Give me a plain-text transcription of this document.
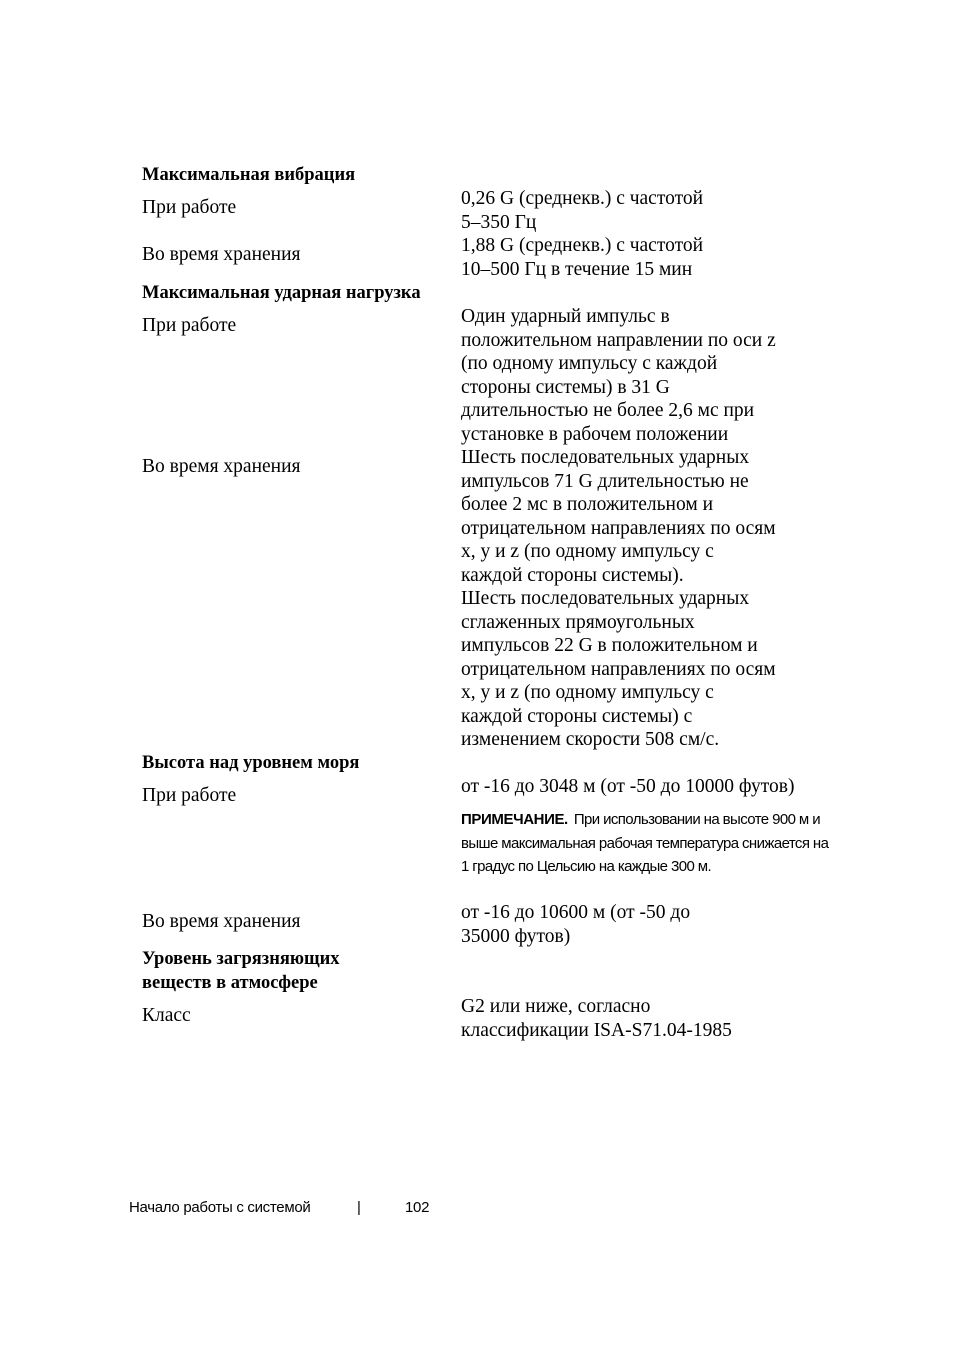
Максимальная вибрация
При работе	0,26 G (среднекв.) с частотой
5–350 Гц
Во время хранения	1,88 G (среднекв.) с частотой
10–500 Гц в течение 15 мин
Максимальная ударная нагрузка
При работе	Один ударный импульс в
положительном направлении по оси z
(по одному импульсу с каждой
стороны системы) в 31 G
длительностью не более 2,6 мс при
установке в рабочем положении
Во время хранения	Шесть последовательных ударных
импульсов 71 G длительностью не
более 2 мс в положительном и
отрицательном направлениях по осям
x, y и z (по одному импульсу с
каждой стороны системы).
Шесть последовательных ударных
сглаженных прямоугольных
импульсов 22 G в положительном и
отрицательном направлениях по осям
x, y и z (по одному импульсу с
каждой стороны системы) с
изменением скорости 508 см/с.
Высота над уровнем моря
При работе	от -16 до 3048 м (от -50 до 10000 футов)
ПРИМЕЧАНИЕ. При использовании на высоте 900 м и выше максимальная рабочая температура снижается на 1 градус по Цельсию на каждые 300 м.
Во время хранения	от -16 до 10600 м (от -50 до
35000 футов)
Уровень загрязняющих
веществ в атмосфере
Класс	G2 или ниже, согласно
классификации ISA-S71.04-1985
Начало работы с системой	|	102
